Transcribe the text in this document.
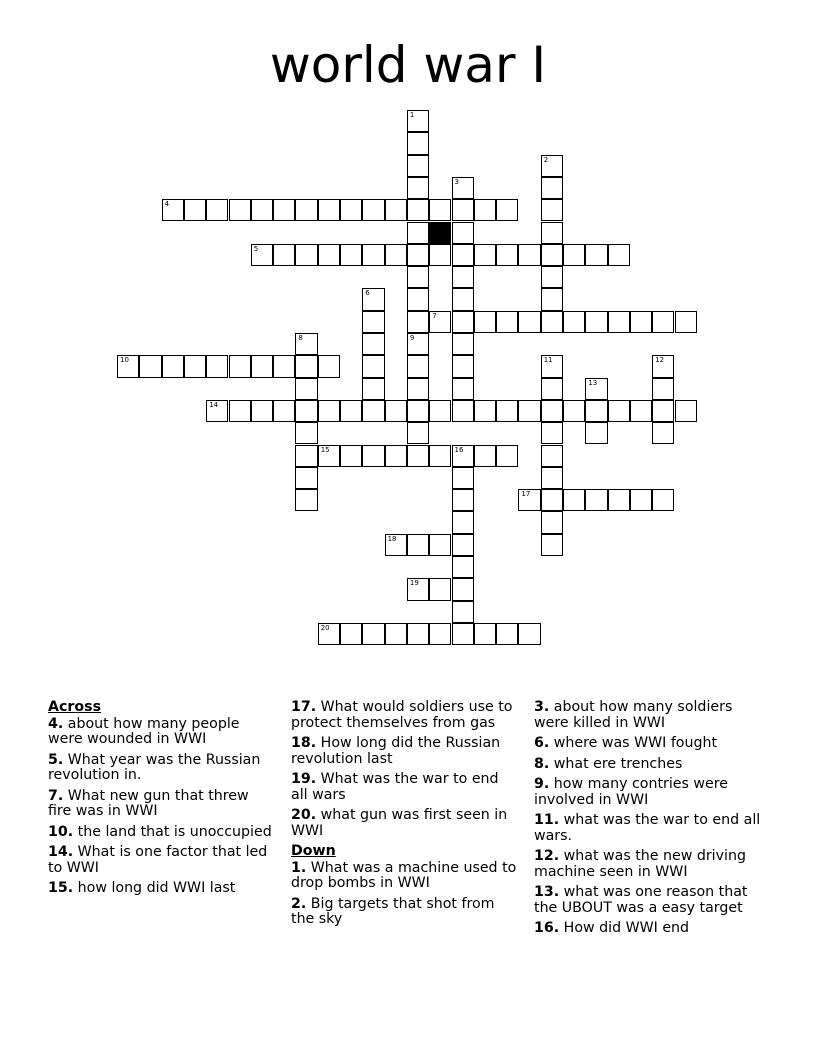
world war I
1
2
3
4
5
6
7
8	9
10	11	12
13
14
15	16
17
18
19
20
Across
4. about how many people were wounded in WWI
5. What year was the Russian revolution in.
7. What new gun that threw fire was in WWI
10. the land that is unoccupied
14. What is one factor that led to WWI
15. how long did WWI last
17. What would soldiers use to protect themselves from gas
18. How long did the Russian revolution last
19. What was the war to end all wars
20. what gun was first seen in WWI
Down
1. What was a machine used to drop bombs in WWI
2. Big targets that shot from the sky
3. about how many soldiers were killed in WWI
6. where was WWI fought
8. what ere trenches
9. how many contries were involved in WWI
11. what was the war to end all wars.
12. what was the new driving machine seen in WWI
13. what was one reason that the UBOUT was a easy target
16. How did WWI end
